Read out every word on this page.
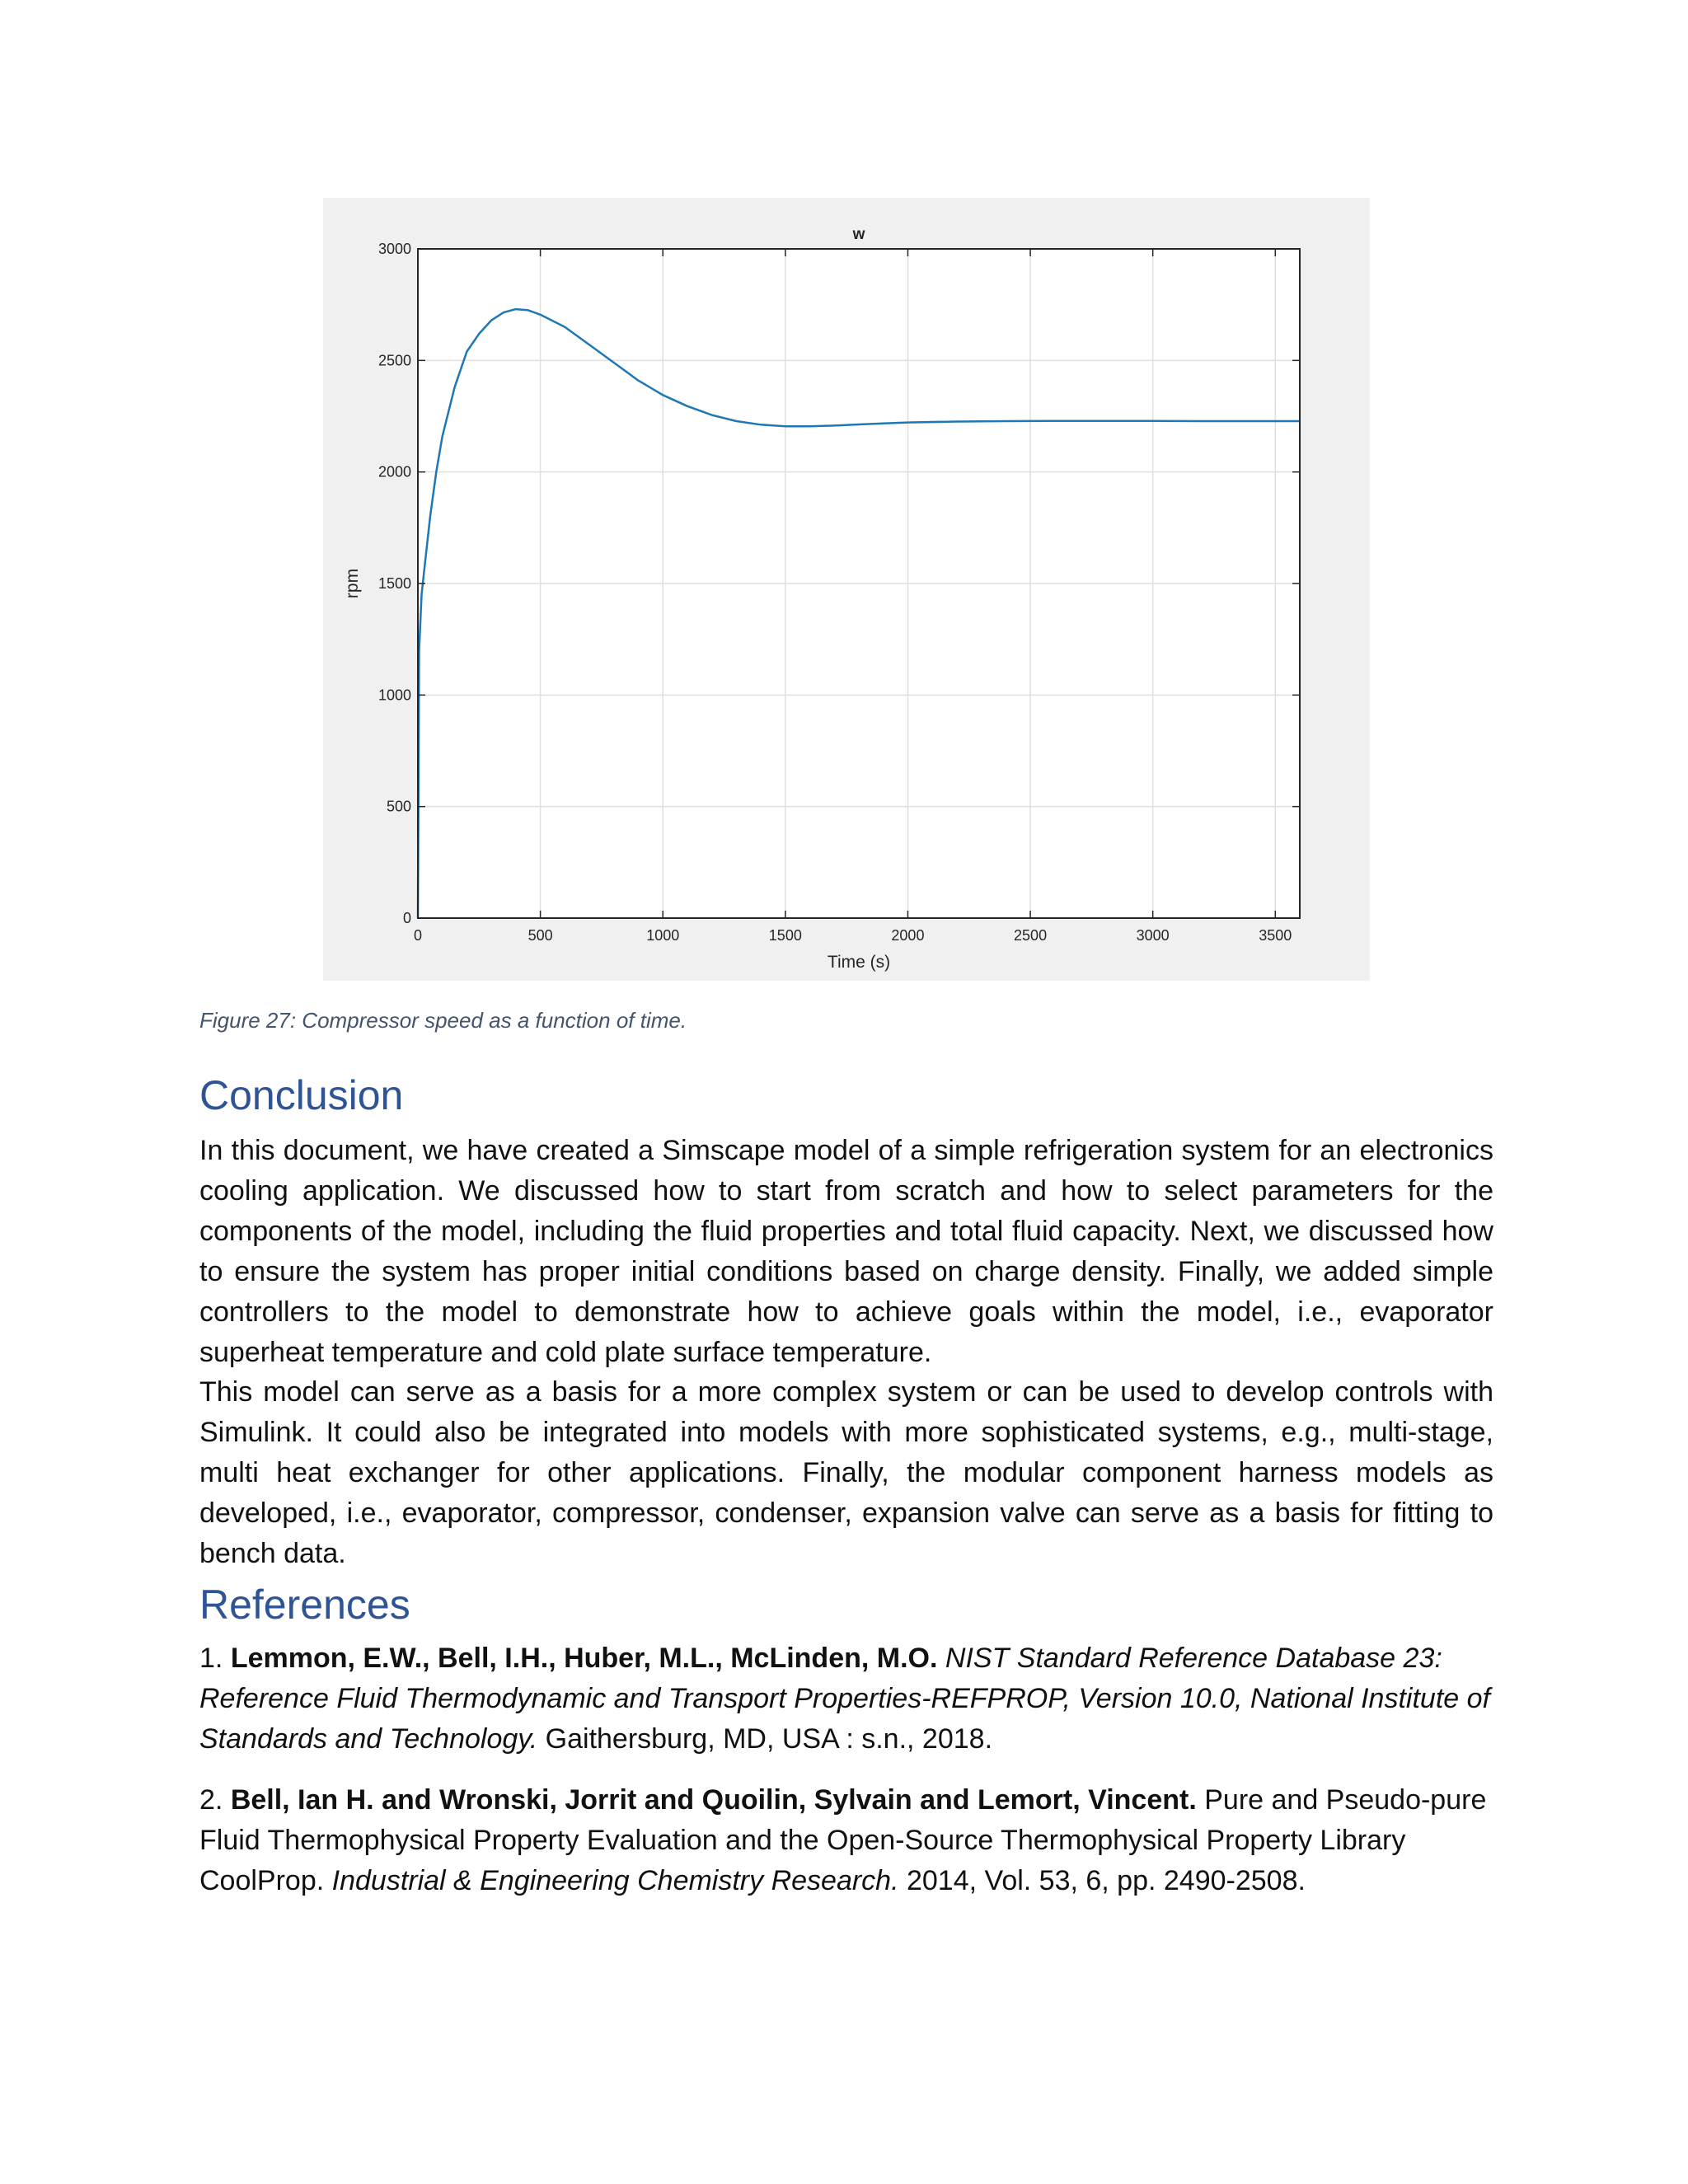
0	500	1000	1500	2000	2500	3000	3500
0
500
1000
1500
2000
2500
3000
w
Time (s)
rpm
Figure 27: Compressor speed as a function of time.
Conclusion

In this document, we have created a Simscape model of a simple refrigeration system for an electronics cooling application. We discussed how to start from scratch and how to select parameters for the components of the model, including the fluid properties and total fluid capacity. Next, we discussed how to ensure the system has proper initial conditions based on charge density. Finally, we added simple controllers to the model to demonstrate how to achieve goals within the model, i.e., evaporator superheat temperature and cold plate surface temperature.

This model can serve as a basis for a more complex system or can be used to develop controls with Simulink. It could also be integrated into models with more sophisticated systems, e.g., multi-stage, multi heat exchanger for other applications. Finally, the modular component harness models as developed, i.e., evaporator, compressor, condenser, expansion valve can serve as a basis for fitting to bench data.

References

1. Lemmon, E.W., Bell, I.H., Huber, M.L., McLinden, M.O. NIST Standard Reference Database 23: Reference Fluid Thermodynamic and Transport Properties-REFPROP, Version 10.0, National Institute of Standards and Technology. Gaithersburg, MD, USA : s.n., 2018.

2. Bell, Ian H. and Wronski, Jorrit and Quoilin, Sylvain and Lemort, Vincent. Pure and Pseudo-pure Fluid Thermophysical Property Evaluation and the Open-Source Thermophysical Property Library CoolProp. Industrial & Engineering Chemistry Research. 2014, Vol. 53, 6, pp. 2490-2508.
